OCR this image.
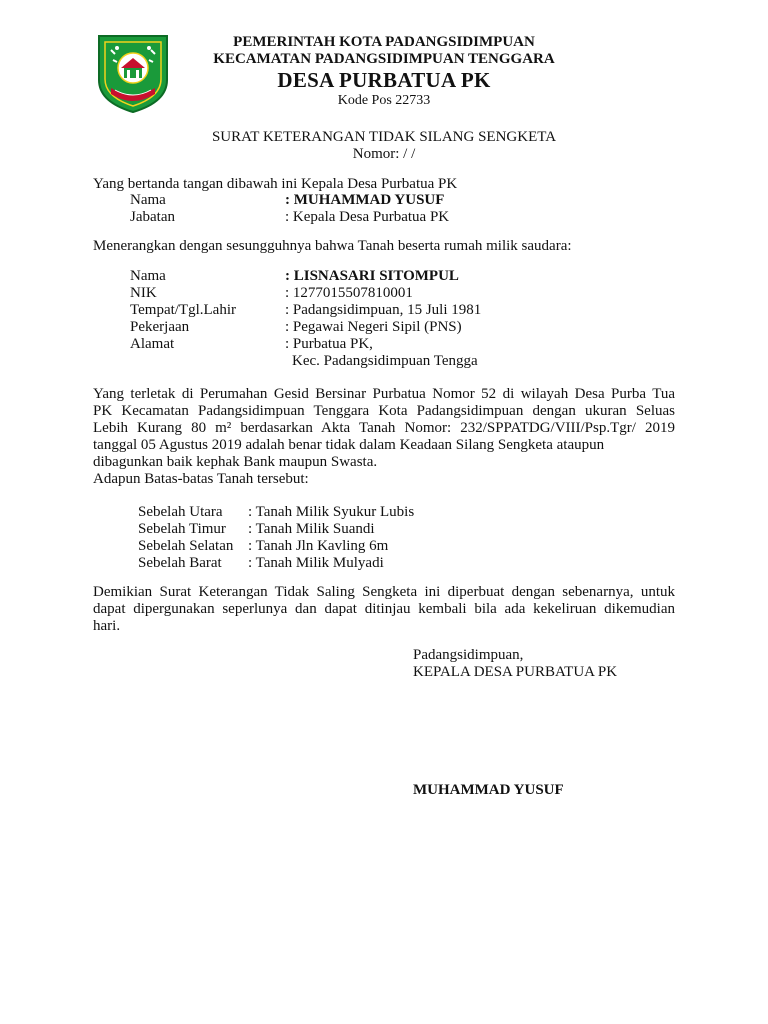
PEMERINTAH KOTA PADANGSIDIMPUAN
KECAMATAN PADANGSIDIMPUAN TENGGARA
DESA PURBATUA PK
Kode Pos 22733
SURAT KETERANGAN TIDAK SILANG SENGKETA
Nomor: / /
Yang bertanda tangan dibawah ini Kepala Desa Purbatua PK
Nama	: MUHAMMAD YUSUF
Jabatan	: Kepala Desa Purbatua PK
Menerangkan dengan sesungguhnya bahwa Tanah beserta rumah milik saudara:
Nama	: LISNASARI SITOMPUL
NIK	: 1277015507810001
Tempat/Tgl.Lahir	: Padangsidimpuan, 15 Juli 1981
Pekerjaan	: Pegawai Negeri Sipil (PNS)
Alamat	: Purbatua PK,
Kec. Padangsidimpuan Tengga
Yang terletak di Perumahan Gesid Bersinar Purbatua Nomor 52 di wilayah Desa Purba Tua
PK Kecamatan Padangsidimpuan Tenggara Kota Padangsidimpuan dengan ukuran Seluas
Lebih Kurang 80 m² berdasarkan Akta Tanah Nomor: 232/SPPATDG/VIII/Psp.Tgr/ 2019
tanggal 05 Agustus 2019 adalah benar tidak dalam Keadaan Silang Sengketa ataupun
dibagunkan baik kephak Bank maupun Swasta.
Adapun Batas-batas Tanah tersebut:
Sebelah Utara : Tanah Milik Syukur Lubis
Sebelah Timur : Tanah Milik Suandi
Sebelah Selatan : Tanah Jln Kavling 6m
Sebelah Barat : Tanah Milik Mulyadi
Demikian Surat Keterangan Tidak Saling Sengketa ini diperbuat dengan sebenarnya, untuk
dapat dipergunakan seperlunya dan dapat ditinjau kembali bila ada kekeliruan dikemudian
hari.
Padangsidimpuan,
KEPALA DESA PURBATUA PK
MUHAMMAD YUSUF
